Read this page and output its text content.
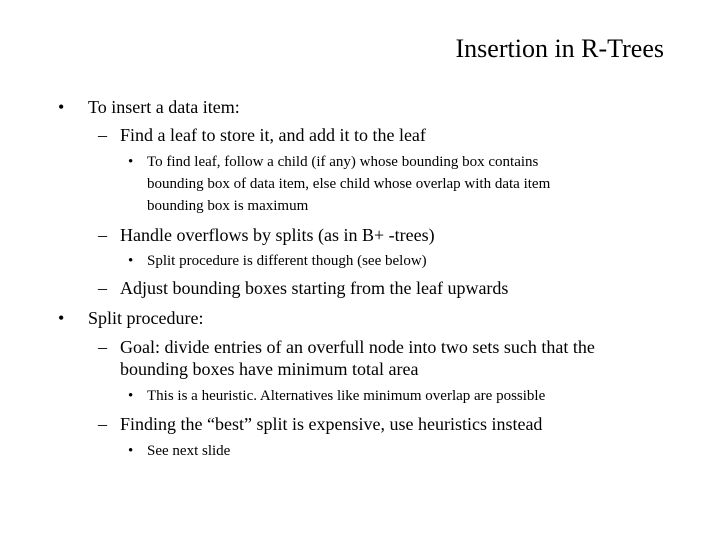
Insertion in R-Trees
• To insert a data item:
– Find a leaf to store it, and add it to the leaf
• To find leaf, follow a child (if any) whose bounding box contains
bounding box of data item, else child whose overlap with data item
bounding box is maximum
– Handle overflows by splits (as in B+ -trees)
• Split procedure is different though (see below)
– Adjust bounding boxes starting from the leaf upwards
• Split procedure:
– Goal: divide entries of an overfull node into two sets such that the
bounding boxes have minimum total area
• This is a heuristic. Alternatives like minimum overlap are possible
– Finding the “best” split is expensive, use heuristics instead
• See next slide
